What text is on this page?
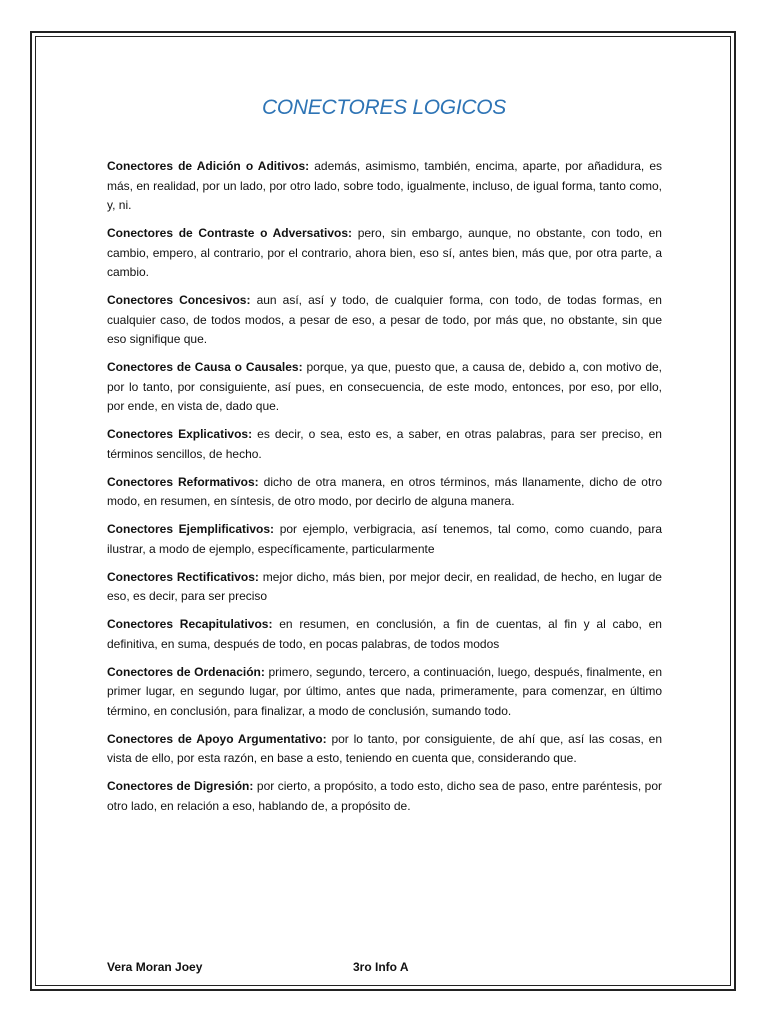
CONECTORES LOGICOS

Conectores de Adición o Aditivos: además, asimismo, también, encima, aparte, por añadidura, es más, en realidad, por un lado, por otro lado, sobre todo, igualmente, incluso, de igual forma, tanto como, y, ni.

Conectores de Contraste o Adversativos: pero, sin embargo, aunque, no obstante, con todo, en cambio, empero, al contrario, por el contrario, ahora bien, eso sí, antes bien, más que, por otra parte, a cambio.

Conectores Concesivos: aun así, así y todo, de cualquier forma, con todo, de todas formas, en cualquier caso, de todos modos, a pesar de eso, a pesar de todo, por más que, no obstante, sin que eso signifique que.

Conectores de Causa o Causales: porque, ya que, puesto que, a causa de, debido a, con motivo de, por lo tanto, por consiguiente, así pues, en consecuencia, de este modo, entonces, por eso, por ello, por ende, en vista de, dado que.

Conectores Explicativos: es decir, o sea, esto es, a saber, en otras palabras, para ser preciso, en términos sencillos, de hecho.

Conectores Reformativos: dicho de otra manera, en otros términos, más llanamente, dicho de otro modo, en resumen, en síntesis, de otro modo, por decirlo de alguna manera.

Conectores Ejemplificativos: por ejemplo, verbigracia, así tenemos, tal como, como cuando, para ilustrar, a modo de ejemplo, específicamente, particularmente

Conectores Rectificativos: mejor dicho, más bien, por mejor decir, en realidad, de hecho, en lugar de eso, es decir, para ser preciso

Conectores Recapitulativos: en resumen, en conclusión, a fin de cuentas, al fin y al cabo, en definitiva, en suma, después de todo, en pocas palabras, de todos modos

Conectores de Ordenación: primero, segundo, tercero, a continuación, luego, después, finalmente, en primer lugar, en segundo lugar, por último, antes que nada, primeramente, para comenzar, en último término, en conclusión, para finalizar, a modo de conclusión, sumando todo.

Conectores de Apoyo Argumentativo: por lo tanto, por consiguiente, de ahí que, así las cosas, en vista de ello, por esta razón, en base a esto, teniendo en cuenta que, considerando que.

Conectores de Digresión: por cierto, a propósito, a todo esto, dicho sea de paso, entre paréntesis, por otro lado, en relación a eso, hablando de, a propósito de.

Vera Moran Joey	3ro Info A
